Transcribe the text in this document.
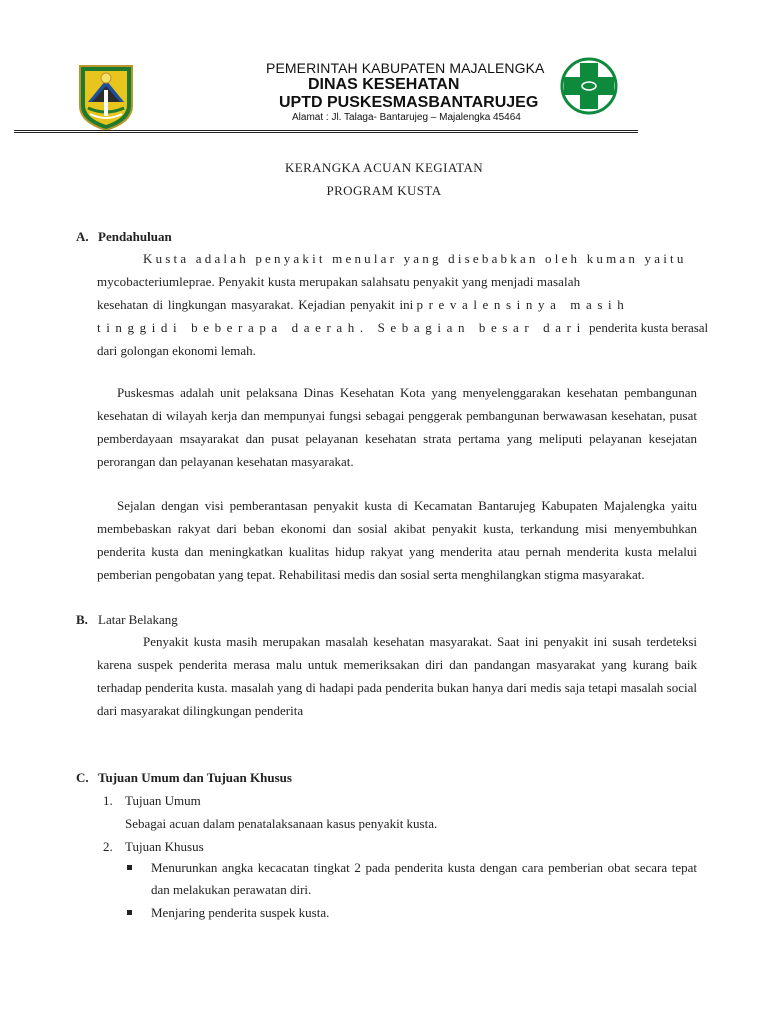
PEMERINTAH KABUPATEN MAJALENGKA
DINAS KESEHATAN
UPTD PUSKESMASBANTARUJEG
Alamat : Jl. Talaga- Bantarujeg – Majalengka 45464
KERANGKA ACUAN KEGIATAN
PROGRAM KUSTA
A. Pendahuluan
Kusta adalah penyakit menular yang disebabkan oleh kuman yaitu
mycobacteriumleprae. Penyakit kusta merupakan salahsatu penyakit yang menjadi masalah
kesehatan di lingkungan masyarakat. Kejadian penyakit ini prevalensinya masih
tinggidi beberapa daerah. Sebagian besar dari penderita kusta berasal
dari golongan ekonomi lemah.
Puskesmas adalah unit pelaksana Dinas Kesehatan Kota yang menyelenggarakan kesehatan pembangunan kesehatan di wilayah kerja dan mempunyai fungsi sebagai penggerak pembangunan berwawasan kesehatan, pusat pemberdayaan msayarakat dan pusat pelayanan kesehatan strata pertama yang meliputi pelayanan kesejatan perorangan dan pelayanan kesehatan masyarakat.
Sejalan dengan visi pemberantasan penyakit kusta di Kecamatan Bantarujeg Kabupaten Majalengka yaitu membebaskan rakyat dari beban ekonomi dan sosial akibat penyakit kusta, terkandung misi menyembuhkan penderita kusta dan meningkatkan kualitas hidup rakyat yang menderita atau pernah menderita kusta melalui pemberian pengobatan yang tepat. Rehabilitasi medis dan sosial serta menghilangkan stigma masyarakat.
B. Latar Belakang
Penyakit kusta masih merupakan masalah kesehatan masyarakat. Saat ini penyakit ini susah terdeteksi karena suspek penderita merasa malu untuk memeriksakan diri dan pandangan masyarakat yang kurang baik terhadap penderita kusta. masalah yang di hadapi pada penderita bukan hanya dari medis saja tetapi masalah social dari masyarakat dilingkungan penderita
C. Tujuan Umum dan Tujuan Khusus
1. Tujuan Umum
Sebagai acuan dalam penatalaksanaan kasus penyakit kusta.
2. Tujuan Khusus
Menurunkan angka kecacatan tingkat 2 pada penderita kusta dengan cara pemberian obat secara tepat dan melakukan perawatan diri.
Menjaring penderita suspek kusta.
